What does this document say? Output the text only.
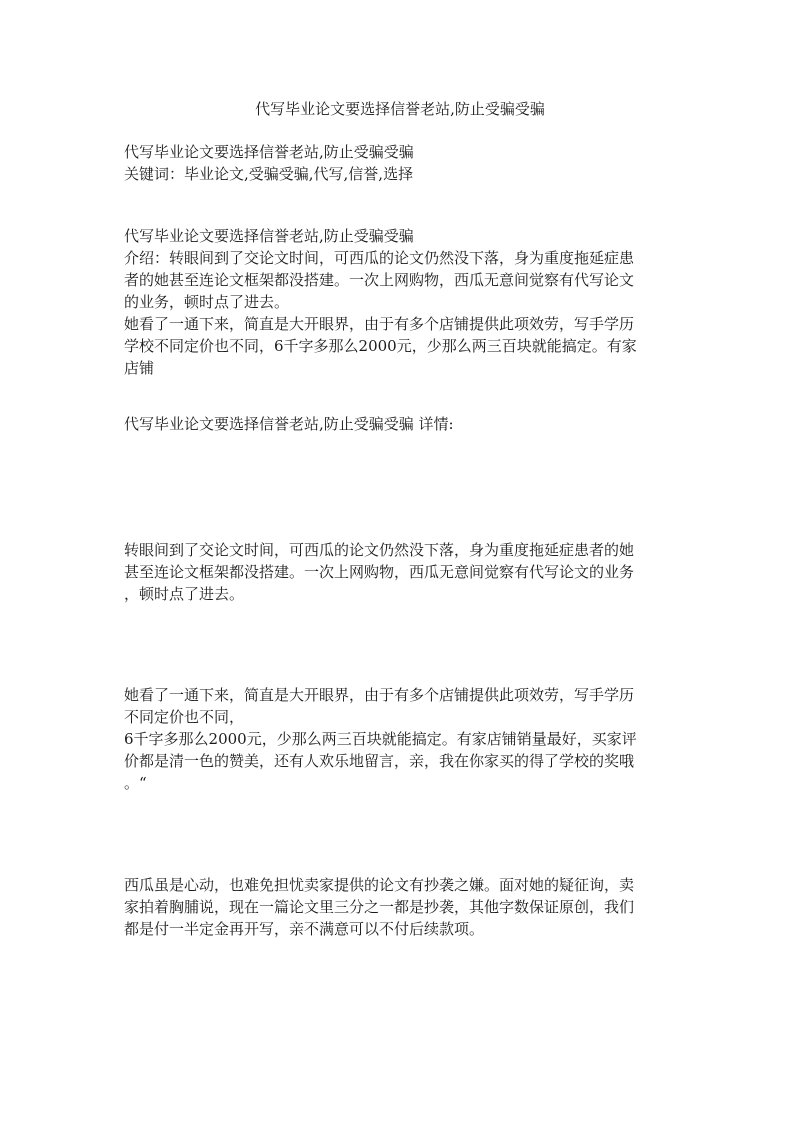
代写毕业论文要选择信誉老站,防止受骗受骗
代写毕业论文要选择信誉老站,防止受骗受骗
关键词：毕业论文,受骗受骗,代写,信誉,选择
代写毕业论文要选择信誉老站,防止受骗受骗
介绍：转眼间到了交论文时间，可西瓜的论文仍然没下落，身为重度拖延症患
者的她甚至连论文框架都没搭建。一次上网购物，西瓜无意间觉察有代写论文
的业务，顿时点了进去。
她看了一通下来，简直是大开眼界，由于有多个店铺提供此项效劳，写手学历
学校不同定价也不同，6千字多那么2000元，少那么两三百块就能搞定。有家
店铺
代写毕业论文要选择信誉老站,防止受骗受骗 详情:
转眼间到了交论文时间，可西瓜的论文仍然没下落，身为重度拖延症患者的她
甚至连论文框架都没搭建。一次上网购物，西瓜无意间觉察有代写论文的业务
，顿时点了进去。
她看了一通下来，简直是大开眼界，由于有多个店铺提供此项效劳，写手学历
不同定价也不同，
6千字多那么2000元，少那么两三百块就能搞定。有家店铺销量最好，买家评
价都是清一色的赞美，还有人欢乐地留言，亲，我在你家买的得了学校的奖哦
。“
西瓜虽是心动，也难免担忧卖家提供的论文有抄袭之嫌。面对她的疑征询，卖
家拍着胸脯说，现在一篇论文里三分之一都是抄袭，其他字数保证原创，我们
都是付一半定金再开写，亲不满意可以不付后续款项。
